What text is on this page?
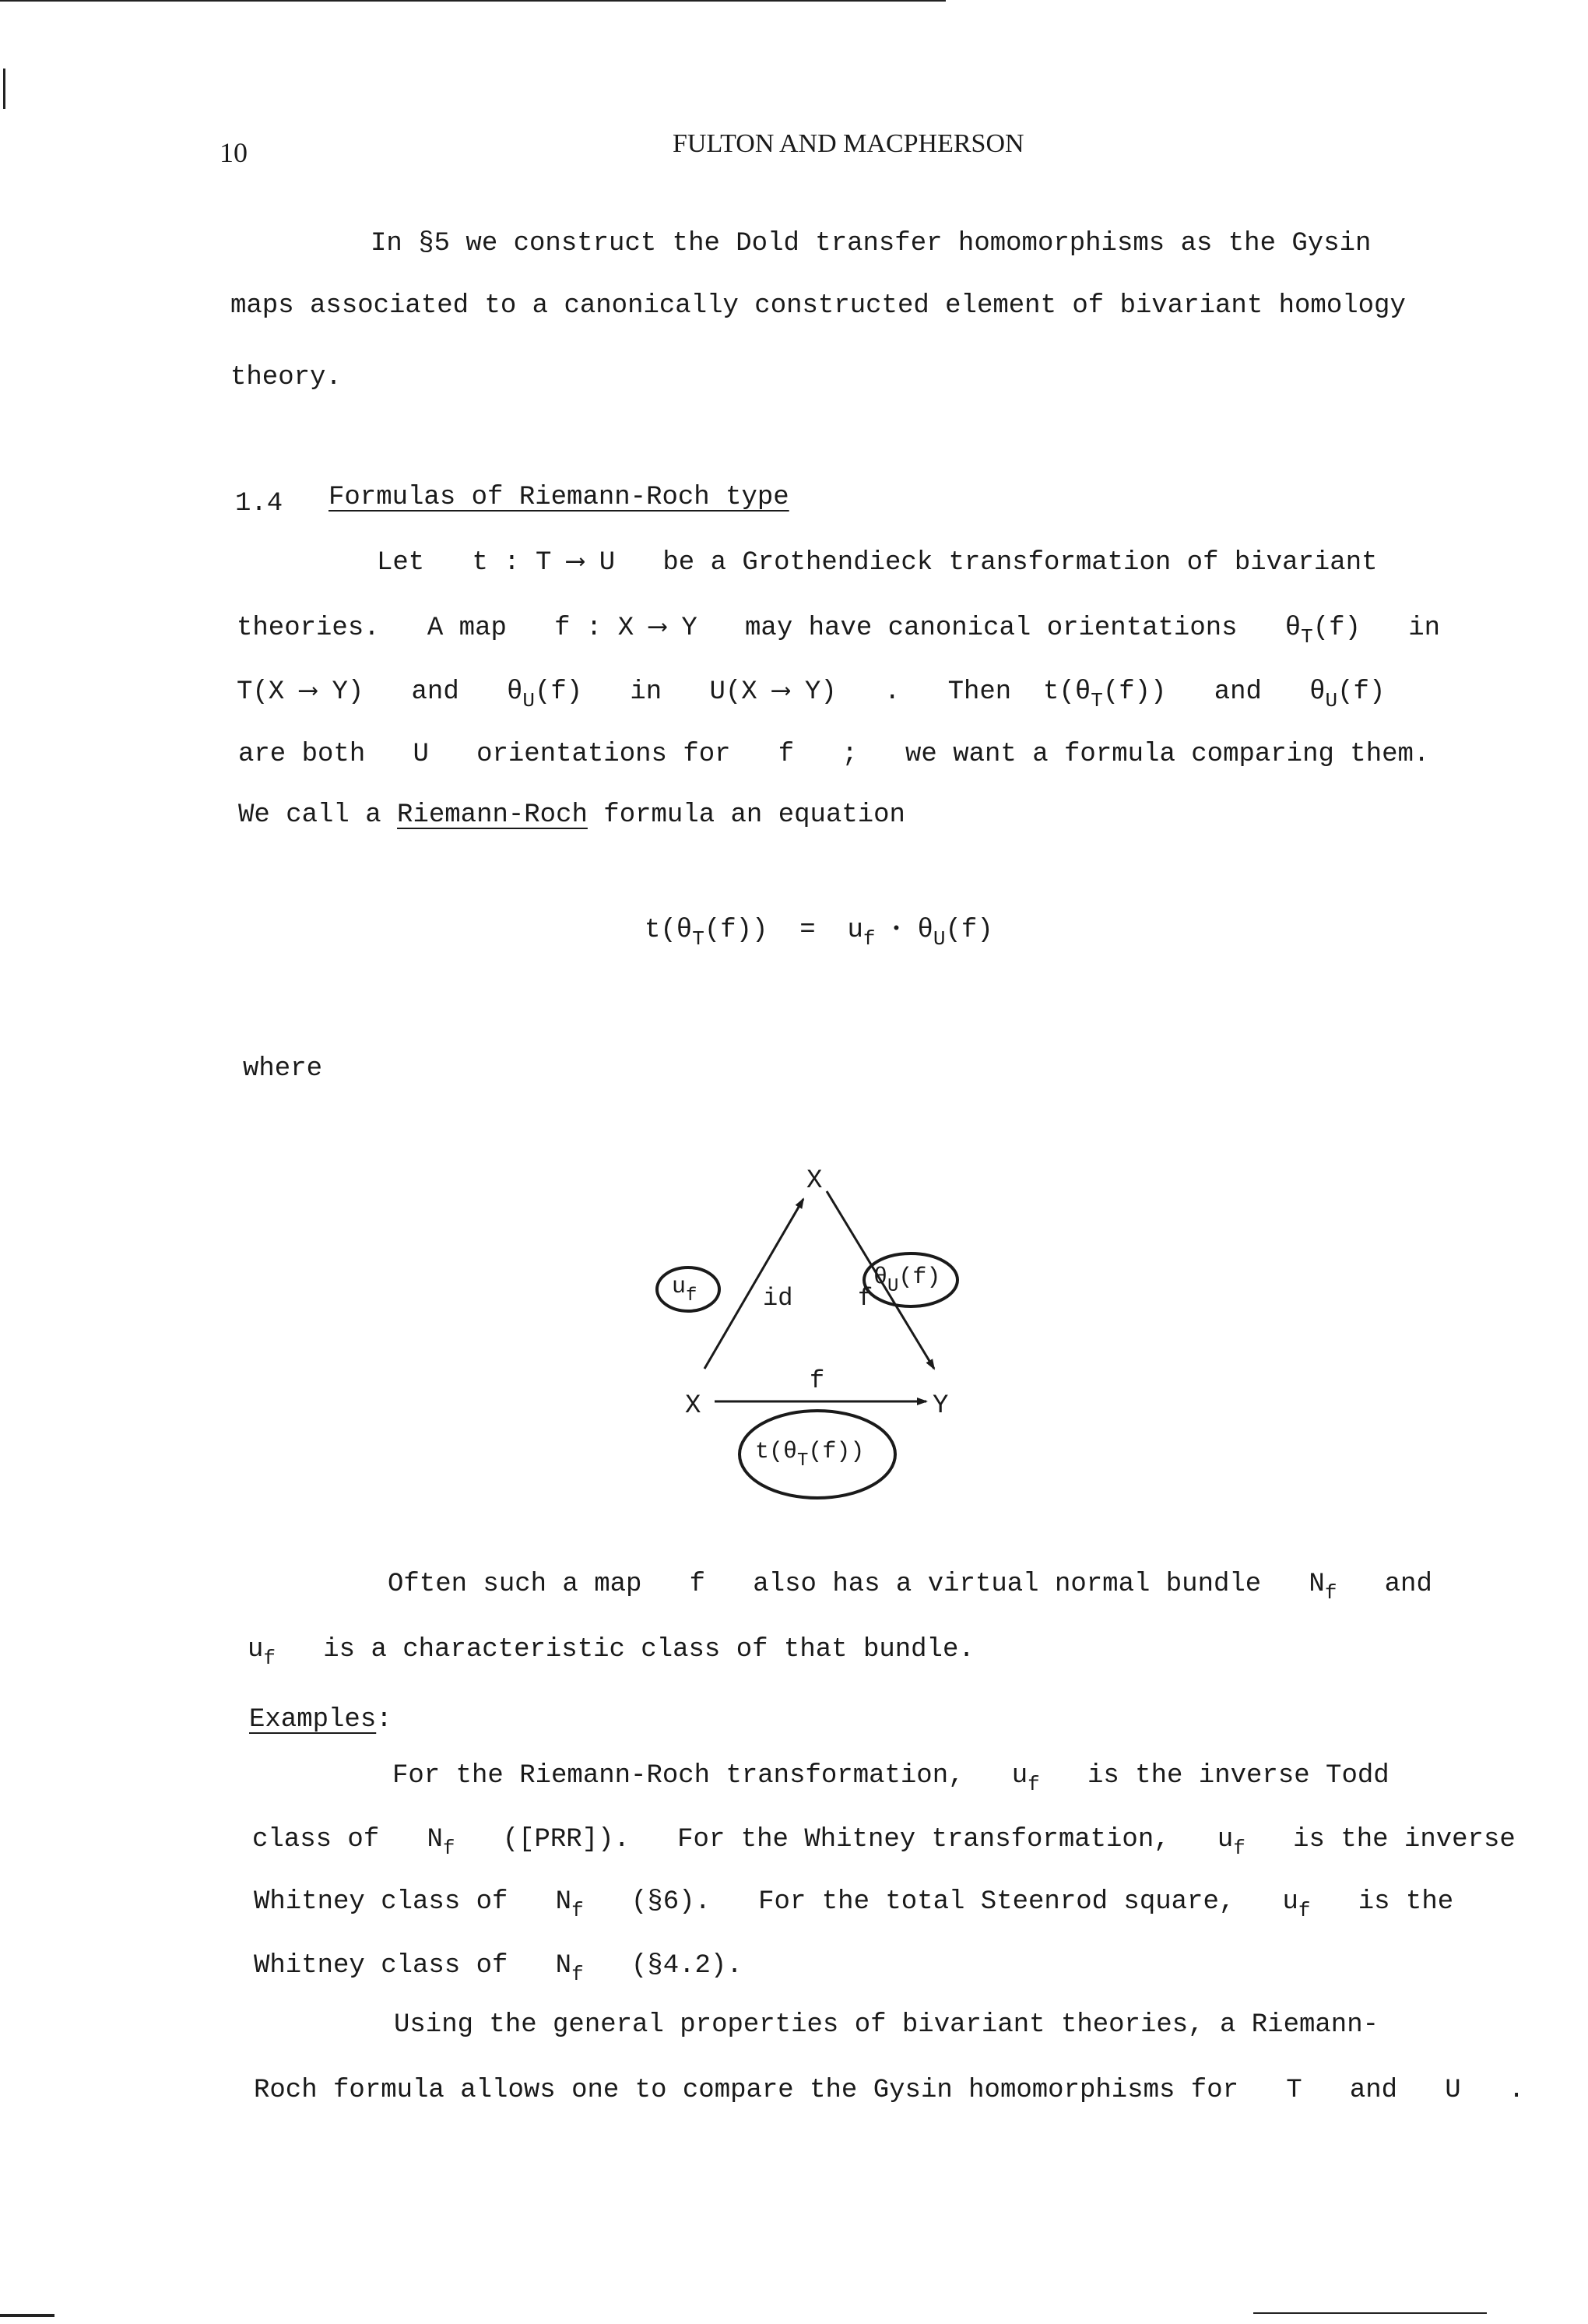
10	FULTON AND MACPHERSON
In §5 we construct the Dold transfer homomorphisms as the Gysin
maps associated to a canonically constructed element of bivariant homology
theory.
1.4 Formulas of Riemann-Roch type
Let t : T ⟶ U be a Grothendieck transformation of bivariant
theories. A map f : X ⟶ Y may have canonical orientations $\theta_T(f)$ in
T(X ⟶ Y) and $\theta_U(f)$ in U(X ⟶ Y) . Then $t(\theta_T(f))$ and $\theta_U(f)$
are both U orientations for f ; we want a formula comparing them.
We call a Riemann-Roch formula an equation
$t(\theta_T(f)) = u_f$ • $\theta_U(f)$
where
X
X	Y
id	f
f
$u_f$
$\theta_U(f)$
$t(\theta_T(f))$
Often such a map f also has a virtual normal bundle $N_f$ and
$u_f$ is a characteristic class of that bundle.
Examples:
For the Riemann-Roch transformation, $u_f$ is the inverse Todd
class of $N_f$ ([PRR]). For the Whitney transformation, $u_f$ is the inverse
Whitney class of $N_f$ (§6). For the total Steenrod square, $u_f$ is the
Whitney class of $N_f$ (§4.2).
Using the general properties of bivariant theories, a Riemann-
Roch formula allows one to compare the Gysin homomorphisms for T and U .
